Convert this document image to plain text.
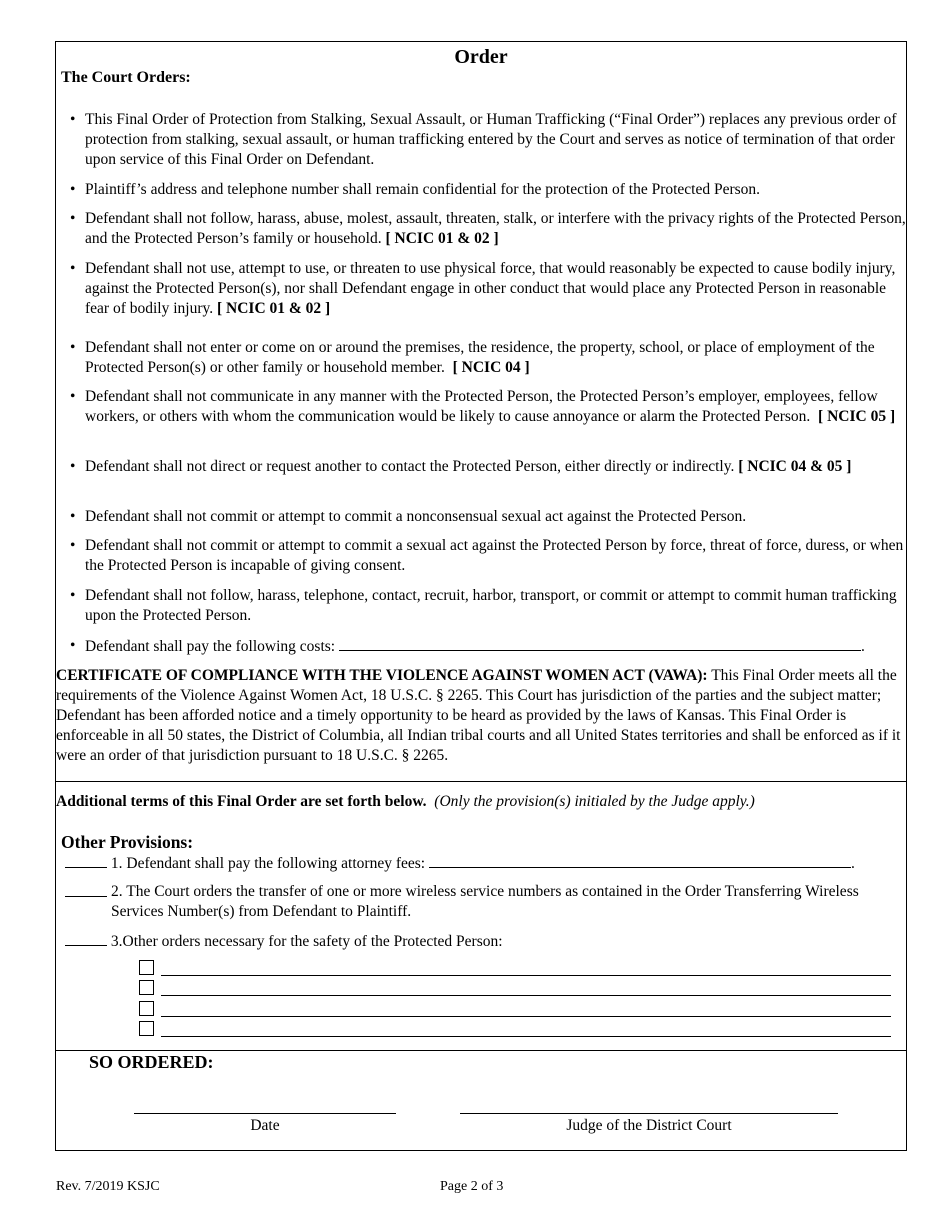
Order
The Court Orders:
• This Final Order of Protection from Stalking, Sexual Assault, or Human Trafficking (“Final Order”) replaces any previous order of protection from stalking, sexual assault, or human trafficking entered by the Court and serves as notice of termination of that order upon service of this Final Order on Defendant.
• Plaintiff’s address and telephone number shall remain confidential for the protection of the Protected Person.
• Defendant shall not follow, harass, abuse, molest, assault, threaten, stalk, or interfere with the privacy rights of the Protected Person, and the Protected Person’s family or household. [ NCIC 01 & 02 ]
• Defendant shall not use, attempt to use, or threaten to use physical force, that would reasonably be expected to cause bodily injury, against the Protected Person(s), nor shall Defendant engage in other conduct that would place any Protected Person in reasonable fear of bodily injury. [ NCIC 01 & 02 ]
• Defendant shall not enter or come on or around the premises, the residence, the property, school, or place of employment of the Protected Person(s) or other family or household member. [ NCIC 04 ]
• Defendant shall not communicate in any manner with the Protected Person, the Protected Person’s employer, employees, fellow workers, or others with whom the communication would be likely to cause annoyance or alarm the Protected Person. [ NCIC 05 ]
• Defendant shall not direct or request another to contact the Protected Person, either directly or indirectly. [ NCIC 04 & 05 ]
• Defendant shall not commit or attempt to commit a nonconsensual sexual act against the Protected Person.
• Defendant shall not commit or attempt to commit a sexual act against the Protected Person by force, threat of force, duress, or when the Protected Person is incapable of giving consent.
• Defendant shall not follow, harass, telephone, contact, recruit, harbor, transport, or commit or attempt to commit human trafficking upon the Protected Person.
• Defendant shall pay the following costs:	.
CERTIFICATE OF COMPLIANCE WITH THE VIOLENCE AGAINST WOMEN ACT (VAWA): This Final Order meets all the requirements of the Violence Against Women Act, 18 U.S.C. § 2265. This Court has jurisdiction of the parties and the subject matter; Defendant has been afforded notice and a timely opportunity to be heard as provided by the laws of Kansas. This Final Order is enforceable in all 50 states, the District of Columbia, all Indian tribal courts and all United States territories and shall be enforced as if it were an order of that jurisdiction pursuant to 18 U.S.C. § 2265.
Additional terms of this Final Order are set forth below. (Only the provision(s) initialed by the Judge apply.)
Other Provisions:
1. Defendant shall pay the following attorney fees:	.
2. The Court orders the transfer of one or more wireless service numbers as contained in the Order Transferring Wireless Services Number(s) from Defendant to Plaintiff.
3.Other orders necessary for the safety of the Protected Person:
SO ORDERED:
Date	Judge of the District Court
Rev. 7/2019 KSJC	Page 2 of 3
